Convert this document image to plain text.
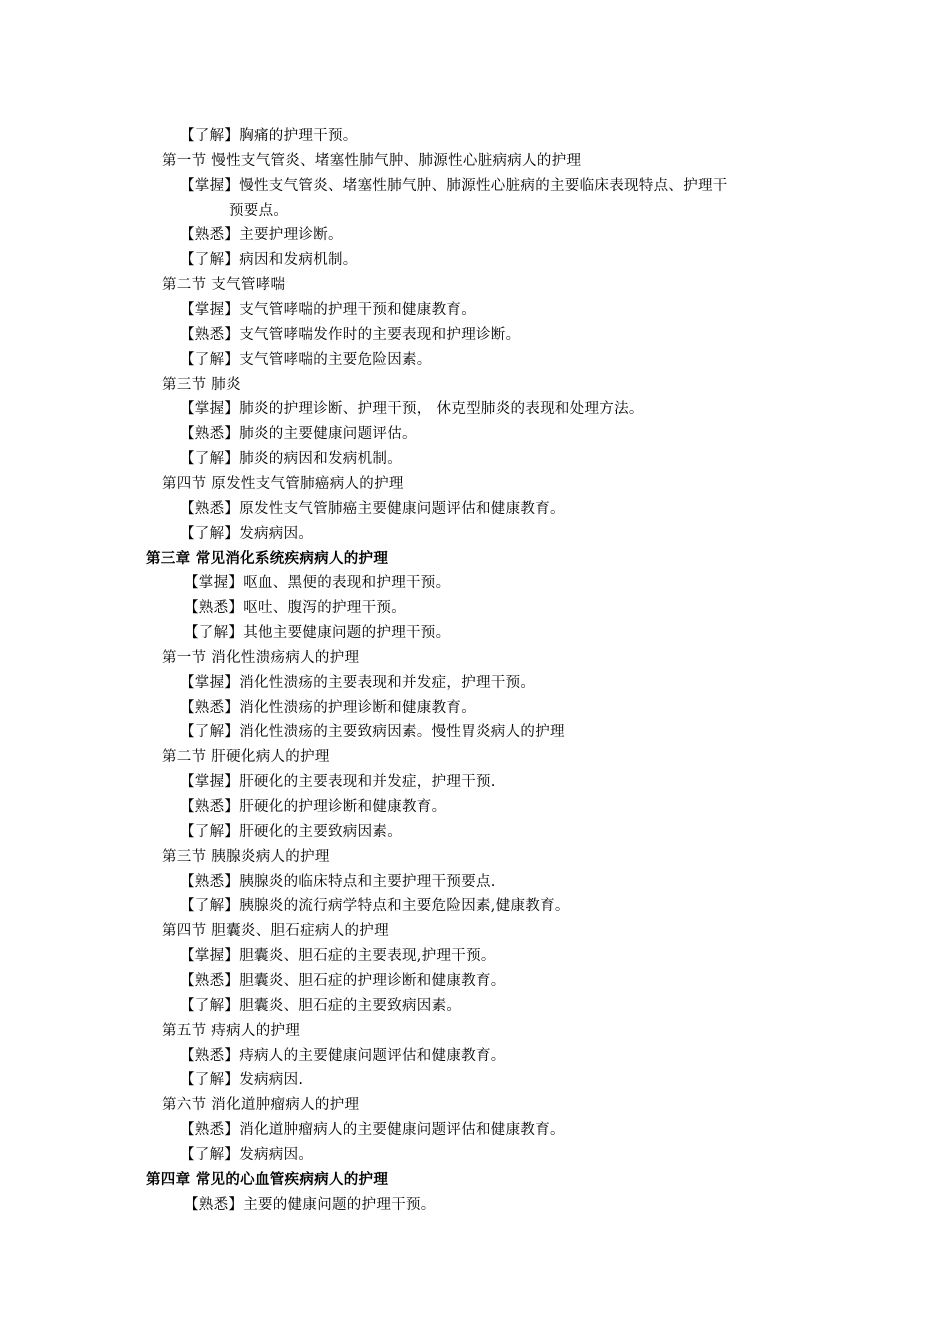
【了解】胸痛的护理干预。
第一节 慢性支气管炎、堵塞性肺气肿、肺源性心脏病病人的护理
【掌握】慢性支气管炎、堵塞性肺气肿、肺源性心脏病的主要临床表现特点、护理干
预要点。
【熟悉】主要护理诊断。
【了解】病因和发病机制。
第二节 支气管哮喘
【掌握】支气管哮喘的护理干预和健康教育。
【熟悉】支气管哮喘发作时的主要表现和护理诊断。
【了解】支气管哮喘的主要危险因素。
第三节 肺炎
【掌握】肺炎的护理诊断、护理干预， 休克型肺炎的表现和处理方法。
【熟悉】肺炎的主要健康问题评估。
【了解】肺炎的病因和发病机制。
第四节 原发性支气管肺癌病人的护理
【熟悉】原发性支气管肺癌主要健康问题评估和健康教育。
【了解】发病病因。
第三章 常见消化系统疾病病人的护理
【掌握】呕血、黑便的表现和护理干预。
【熟悉】呕吐、腹泻的护理干预。
【了解】其他主要健康问题的护理干预。
第一节 消化性溃疡病人的护理
【掌握】消化性溃疡的主要表现和并发症，护理干预。
【熟悉】消化性溃疡的护理诊断和健康教育。
【了解】消化性溃疡的主要致病因素。慢性胃炎病人的护理
第二节 肝硬化病人的护理
【掌握】肝硬化的主要表现和并发症，护理干预.
【熟悉】肝硬化的护理诊断和健康教育。
【了解】肝硬化的主要致病因素。
第三节 胰腺炎病人的护理
【熟悉】胰腺炎的临床特点和主要护理干预要点.
【了解】胰腺炎的流行病学特点和主要危险因素,健康教育。
第四节 胆囊炎、胆石症病人的护理
【掌握】胆囊炎、胆石症的主要表现,护理干预。
【熟悉】胆囊炎、胆石症的护理诊断和健康教育。
【了解】胆囊炎、胆石症的主要致病因素。
第五节 痔病人的护理
【熟悉】痔病人的主要健康问题评估和健康教育。
【了解】发病病因.
第六节 消化道肿瘤病人的护理
【熟悉】消化道肿瘤病人的主要健康问题评估和健康教育。
【了解】发病病因。
第四章 常见的心血管疾病病人的护理
【熟悉】主要的健康问题的护理干预。
